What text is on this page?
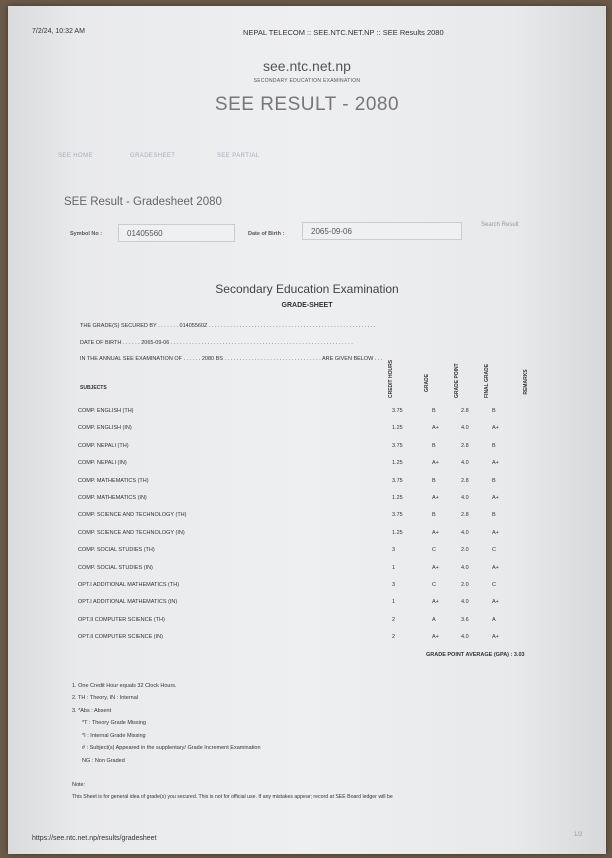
7/2/24, 10:32 AM	NEPAL TELECOM :: SEE.NTC.NET.NP :: SEE Results 2080
see.ntc.net.np
SECONDARY EDUCATION EXAMINATION
SEE RESULT - 2080
SEE HOME	GRADESHEET	SEE PARTIAL
SEE Result - Gradesheet 2080
Symbol No :	01405560	Date of Birth :	2065-09-06
Search Result
Secondary Education Examination
GRADE-SHEET
THE GRADE(S) SECURED BY . . . . . . . 01405560Z . . . . . . . . . . . . . . . . . . . . . . . . . . . . . . . . . . . . . . . . . . . . . . . . . . . . . . .
DATE OF BIRTH . . . . . . 2065-09-06 . . . . . . . . . . . . . . . . . . . . . . . . . . . . . . . . . . . . . . . . . . . . . . . . . . . . . . . . . . . .
IN THE ANNUAL SEE EXAMINATION OF . . . . . . 2080 BS . . . . . . . . . . . . . . . . . . . . . . . . . . . . . . . . ARE GIVEN BELOW . . .
SUBJECTS	CREDIT HOURS	GRADE	GRADE POINT	FINAL GRADE	REMARKS
COMP. ENGLISH (TH)	3.75	B	2.8	B
COMP. ENGLISH (IN)	1.25	A+	4.0	A+
COMP. NEPALI (TH)	3.75	B	2.8	B
COMP. NEPALI (IN)	1.25	A+	4.0	A+
COMP. MATHEMATICS (TH)	3.75	B	2.8	B
COMP. MATHEMATICS (IN)	1.25	A+	4.0	A+
COMP. SCIENCE AND TECHNOLOGY (TH)	3.75	B	2.8	B
COMP. SCIENCE AND TECHNOLOGY (IN)	1.25	A+	4.0	A+
COMP. SOCIAL STUDIES (TH)	3	C	2.0	C
COMP. SOCIAL STUDIES (IN)	1	A+	4.0	A+
OPT.I ADDITIONAL MATHEMATICS (TH)	3	C	2.0	C
OPT.I ADDITIONAL MATHEMATICS (IN)	1	A+	4.0	A+
OPT.II COMPUTER SCIENCE (TH)	2	A	3.6	A
OPT.II COMPUTER SCIENCE (IN)	2	A+	4.0	A+
GRADE POINT AVERAGE (GPA) : 3.03
1. One Credit Hour equals 32 Clock Hours.
2. TH : Theory, IN : Internal
3. *Abs : Absent
*T : Theory Grade Missing
*I : Internal Grade Missing
# : Subject(s) Appeared in the supplentary/ Grade Increment Examination
NG : Non Graded
Note:
This Sheet is for general idea of grade(s) you secured. This is not for official use. If any mistakes appear; record at SEE Board ledger will be
https://see.ntc.net.np/results/gradesheet	1/2
